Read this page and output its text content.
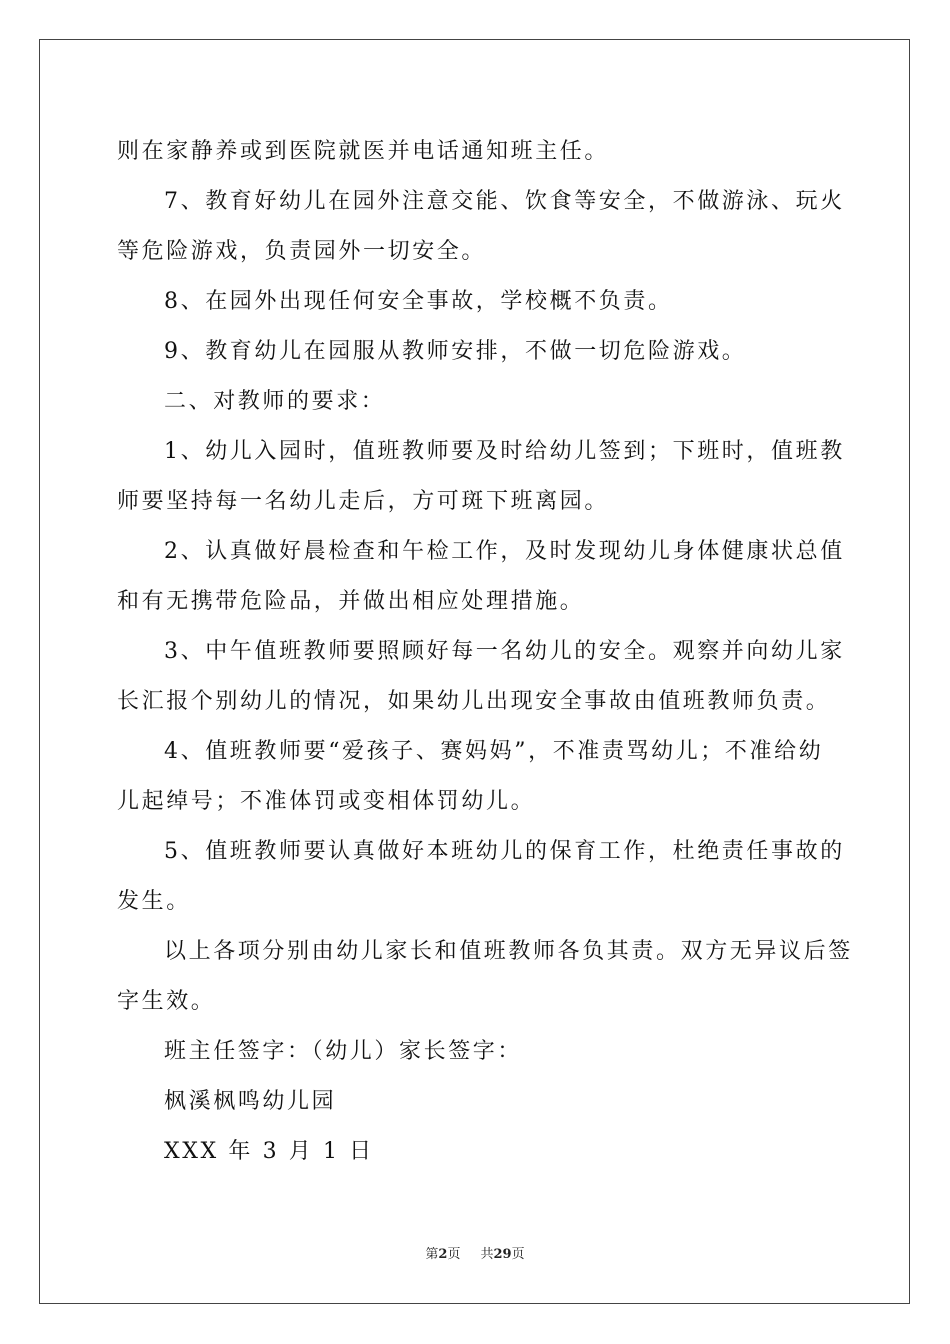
则在家静养或到医院就医并电话通知班主任。
7、教育好幼儿在园外注意交能、饮食等安全，不做游泳、玩火
等危险游戏，负责园外一切安全。
8、在园外出现任何安全事故，学校概不负责。
9、教育幼儿在园服从教师安排，不做一切危险游戏。
二、对教师的要求：
1、幼儿入园时，值班教师要及时给幼儿签到；下班时，值班教
师要坚持每一名幼儿走后，方可斑下班离园。
2、认真做好晨检查和午检工作，及时发现幼儿身体健康状总值
和有无携带危险品，并做出相应处理措施。
3、中午值班教师要照顾好每一名幼儿的安全。观察并向幼儿家
长汇报个别幼儿的情况，如果幼儿出现安全事故由值班教师负责。
4、值班教师要“爱孩子、赛妈妈”，不准责骂幼儿；不准给幼
儿起绰号；不准体罚或变相体罚幼儿。
5、值班教师要认真做好本班幼儿的保育工作，杜绝责任事故的
发生。
以上各项分别由幼儿家长和值班教师各负其责。双方无异议后签
字生效。
班主任签字：（幼儿）家长签字：
枫溪枫鸣幼儿园
XXX 年 3 月 1 日
第2页 共29页
